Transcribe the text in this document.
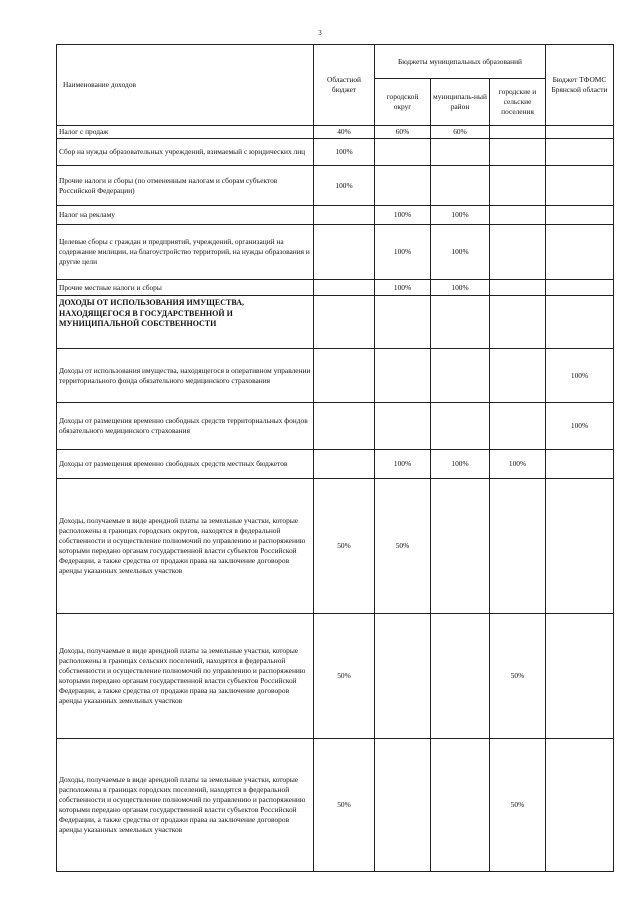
3
Наименование доходов	Областной бюджет	Бюджеты муниципальных образований			Бюджет ТФОМС Брянской области
		городской округ	муниципаль-ный район	городские и сельские поселения	
Налог с продаж	40%	60%	60%		
Сбор на нужды образовательных учреждений, взимаемый с юридических лиц	100%				
Прочие налоги и сборы (по отмененным налогам и сборам субъектов Российской Федерации)	100%				
Налог на рекламу		100%	100%		
Целевые сборы с граждан и предприятий, учреждений, организаций на содержание милиции, на благоустройство территорий, на нужды образования и другие цели		100%	100%		
Прочие местные налоги и сборы		100%	100%		
ДОХОДЫ ОТ ИСПОЛЬЗОВАНИЯ ИМУЩЕСТВА, НАХОДЯЩЕГОСЯ В ГОСУДАРСТВЕННОЙ И МУНИЦИПАЛЬНОЙ СОБСТВЕННОСТИ					
Доходы от использования имущества, находящегося в оперативном управлении территориального фонда обязательного медицинского страхования					100%
Доходы от размещения временно свободных средств территориальных фондов обязательного медицинского страхования					100%
Доходы от размещения временно свободных средств местных бюджетов		100%	100%	100%	
Доходы, получаемые в виде арендной платы за земельные участки, которые расположены в границах городских округов, находятся в федеральной собственности и осуществление полномочий по управлению и распоряжению которыми передано органам государственной власти субъектов Российской Федерации, а также средства от продажи права на заключение договоров аренды указанных земельных участков	50%	50%			
Доходы, получаемые в виде арендной платы за земельные участки, которые расположены в границах сельских поселений, находятся в федеральной собственности и осуществление полномочий по управлению и распоряжению которыми передано органам государственной власти субъектов Российской Федерации, а также средства от продажи права на заключение договоров аренды указанных земельных участков	50%			50%	
Доходы, получаемые в виде арендной платы за земельные участки, которые расположены в границах городских поселений, находятся в федеральной собственности и осуществление полномочий по управлению и распоряжению которыми передано органам государственной власти субъектов Российской Федерации, а также средства от продажи права на заключение договоров аренды указанных земельных участков	50%			50%	
